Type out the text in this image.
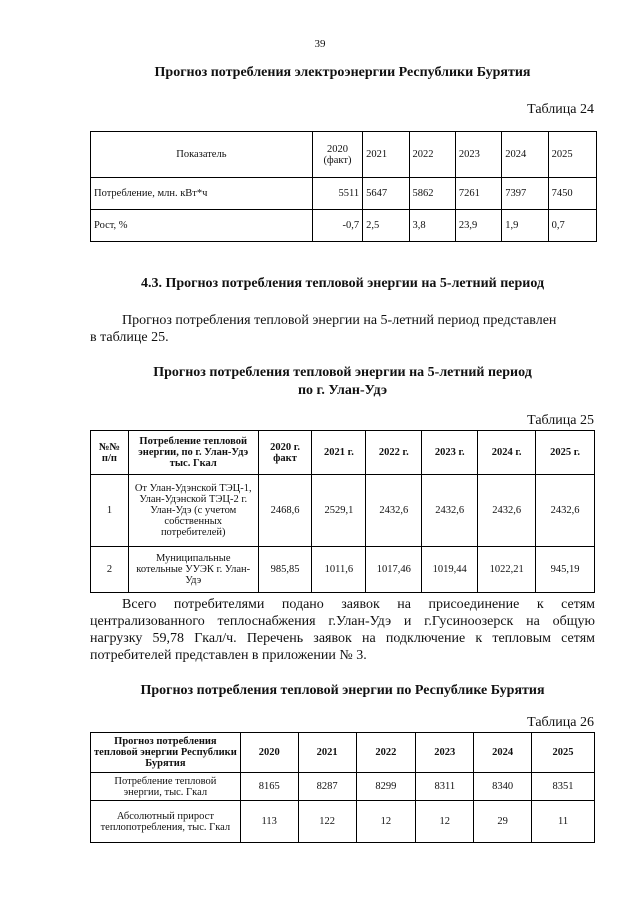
39
Прогноз потребления электроэнергии Республики Бурятия
Таблица 24
Показатель	2020 (факт)	2021	2022	2023	2024	2025
Потребление, млн. кВт*ч	5511	5647	5862	7261	7397	7450
Рост, %	-0,7	2,5	3,8	23,9	1,9	0,7
4.3. Прогноз потребления тепловой энергии на 5-летний период
Прогноз потребления тепловой энергии на 5-летний период представлен
в таблице 25.
Прогноз потребления тепловой энергии на 5-летний период
по г. Улан-Удэ
Таблица 25
№№ п/п	Потребление тепловой энергии, по г. Улан-Удэ тыс. Гкал	2020 г. факт	2021 г.	2022 г.	2023 г.	2024 г.	2025 г.
1	От Улан-Удэнской ТЭЦ-1, Улан-Удэнской ТЭЦ-2 г. Улан-Удэ (с учетом собственных потребителей)	2468,6	2529,1	2432,6	2432,6	2432,6	2432,6
2	Муниципальные котельные УУЭК г. Улан-Удэ	985,85	1011,6	1017,46	1019,44	1022,21	945,19
Всего потребителями подано заявок на присоединение к сетям
централизованного теплоснабжения г.Улан-Удэ и г.Гусиноозерск на общую
нагрузку 59,78 Гкал/ч. Перечень заявок на подключение к тепловым сетям
потребителей представлен в приложении № 3.
Прогноз потребления тепловой энергии по Республике Бурятия
Таблица 26
Прогноз потребления тепловой энергии Республики Бурятия	2020	2021	2022	2023	2024	2025
Потребление тепловой энергии, тыс. Гкал	8165	8287	8299	8311	8340	8351
Абсолютный прирост теплопотребления, тыс. Гкал	113	122	12	12	29	11
